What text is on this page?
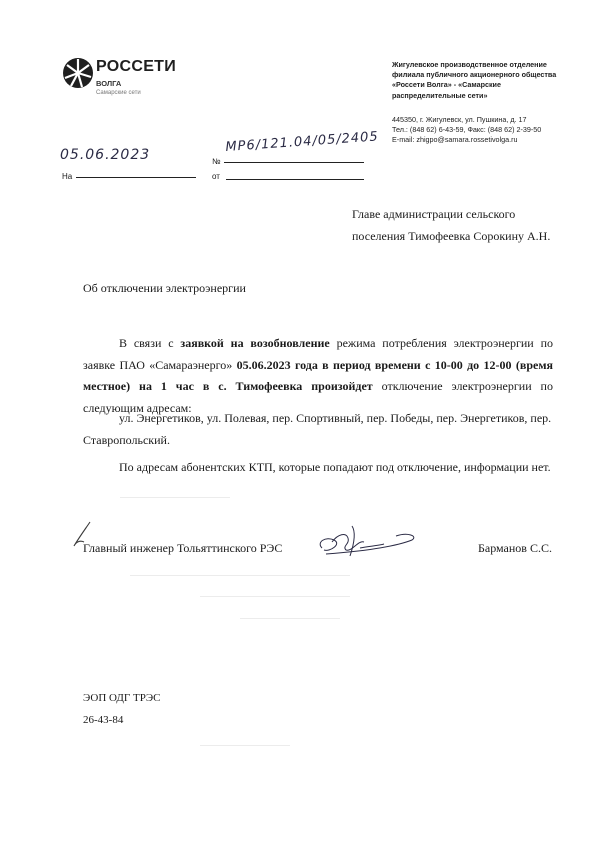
РОССЕТИ
ВОЛГА
Самарские сети
Жигулевское производственное отделение
филиала публичного акционерного общества
«Россети Волга» - «Самарские
распределительные сети»
445350, г. Жигулевск, ул. Пушкина, д. 17
Тел.: (848 62) 6-43-59, Факс: (848 62) 2-39-50
E-mail: zhigpo@samara.rossetivolga.ru
05.06.2023	№
МР6/121.04/05/2405
На	от
Главе администрации сельского
поселения Тимофеевка Сорокину А.Н.
Об отключении электроэнергии
В связи с заявкой на возобновление режима потребления электроэнергии по заявке ПАО «Самараэнерго» 05.06.2023 года в период времени с 10-00 до 12-00 (время местное) на 1 час в с. Тимофеевка произойдет отключение электроэнергии по следующим адресам:
ул. Энергетиков, ул. Полевая, пер. Спортивный, пер. Победы, пер. Энергетиков, пер. Ставропольский.
По адресам абонентских КТП, которые попадают под отключение, информации нет.
Главный инженер Тольяттинского РЭС	Барманов С.С.
ЭОП ОДГ ТРЭС
26-43-84
